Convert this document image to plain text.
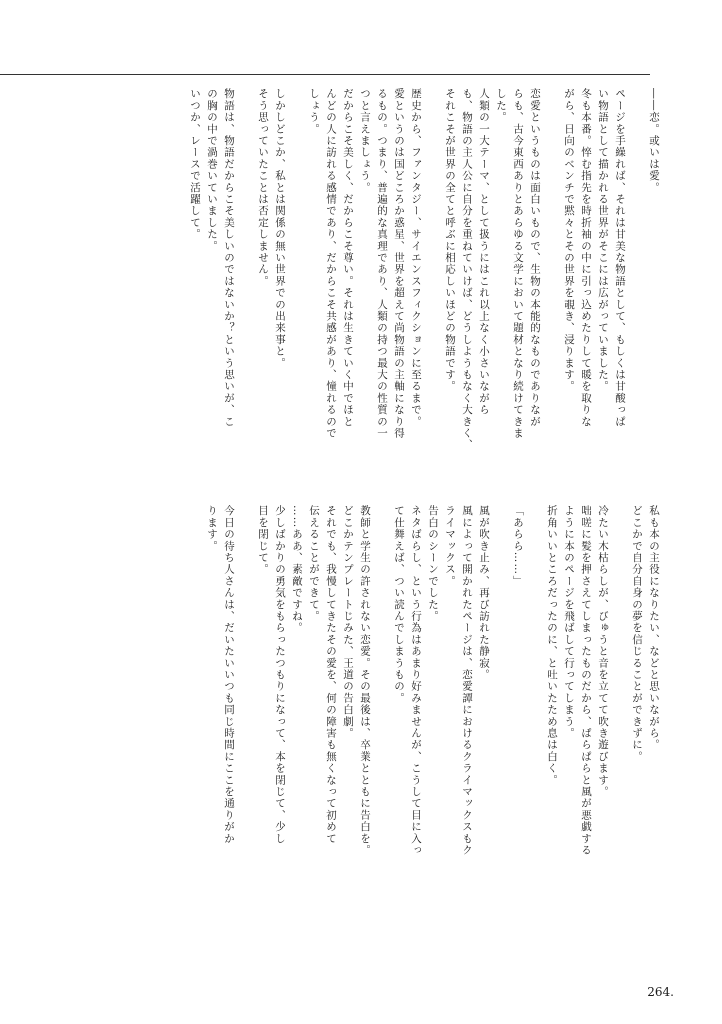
――恋。或いは愛。
ページを手繰れば、それは甘美な物語として、もしくは甘酸っぱ
い物語として描かれる世界がそこには広がっていました。
冬も本番。悴む指先を時折袖の中に引っ込めたりして暖を取りな
がら、日向のベンチで黙々とその世界を覗き、浸ります。
恋愛というものは面白いもので、生物の本能的なものでありなが
らも、古今東西ありとあらゆる文学において題材となり続けてきま
した。
人類の一大テーマ、として扱うにはこれ以上なく小さいながら
も、物語の主人公に自分を重ねていけば、どうしようもなく大きく、
それこそが世界の全てと呼ぶに相応しいほどの物語です。
歴史から、ファンタジー、サイエンスフィクションに至るまで。
愛というのは国どころか惑星、世界を超えて尚物語の主軸になり得
るもの。つまり、普遍的な真理であり、人類の持つ最大の性質の一
つと言えましょう。
だからこそ美しく、だからこそ尊い。それは生きていく中でほと
んどの人に訪れる感情であり、だからこそ共感があり、憧れるので
しょう。
しかしどこか、私とは関係の無い世界での出来事と。
そう思っていたことは否定しません。
物語は、物語だからこそ美しいのではないか？という思いが、こ
の胸の中で渦巻いていました。
いつか、レースで活躍して。
私も本の主役になりたい、などと思いながら。
どこかで自分自身の夢を信じることができずに。
冷たい木枯らしが、びゅうと音を立てて吹き遊びます。
咄嗟に髪を押さえてしまったものだから、ぱらぱらと風が悪戯する
ように本のページを飛ばして行ってしまう。
折角いいところだったのに、と吐いたため息は白く。
「あらら……」
風が吹き止み、再び訪れた静寂。
風によって開かれたページは、恋愛譚におけるクライマックスもク
ライマックス。
告白のシーンでした。
ネタばらし、という行為はあまり好みませんが、こうして目に入っ
て仕舞えば、つい読んでしまうもの。
教師と学生の許されない恋愛。その最後は、卒業とともに告白を。
どこかテンプレートじみた、王道の告白劇。
それでも、我慢してきたその愛を、何の障害も無くなって初めて
伝えることができて。
……ああ、素敵ですね。
少しばかりの勇気をもらったつもりになって、本を閉じて、少し
目を閉じて。
今日の待ち人さんは、だいたいいつも同じ時間にここを通りがか
ります。
264.
